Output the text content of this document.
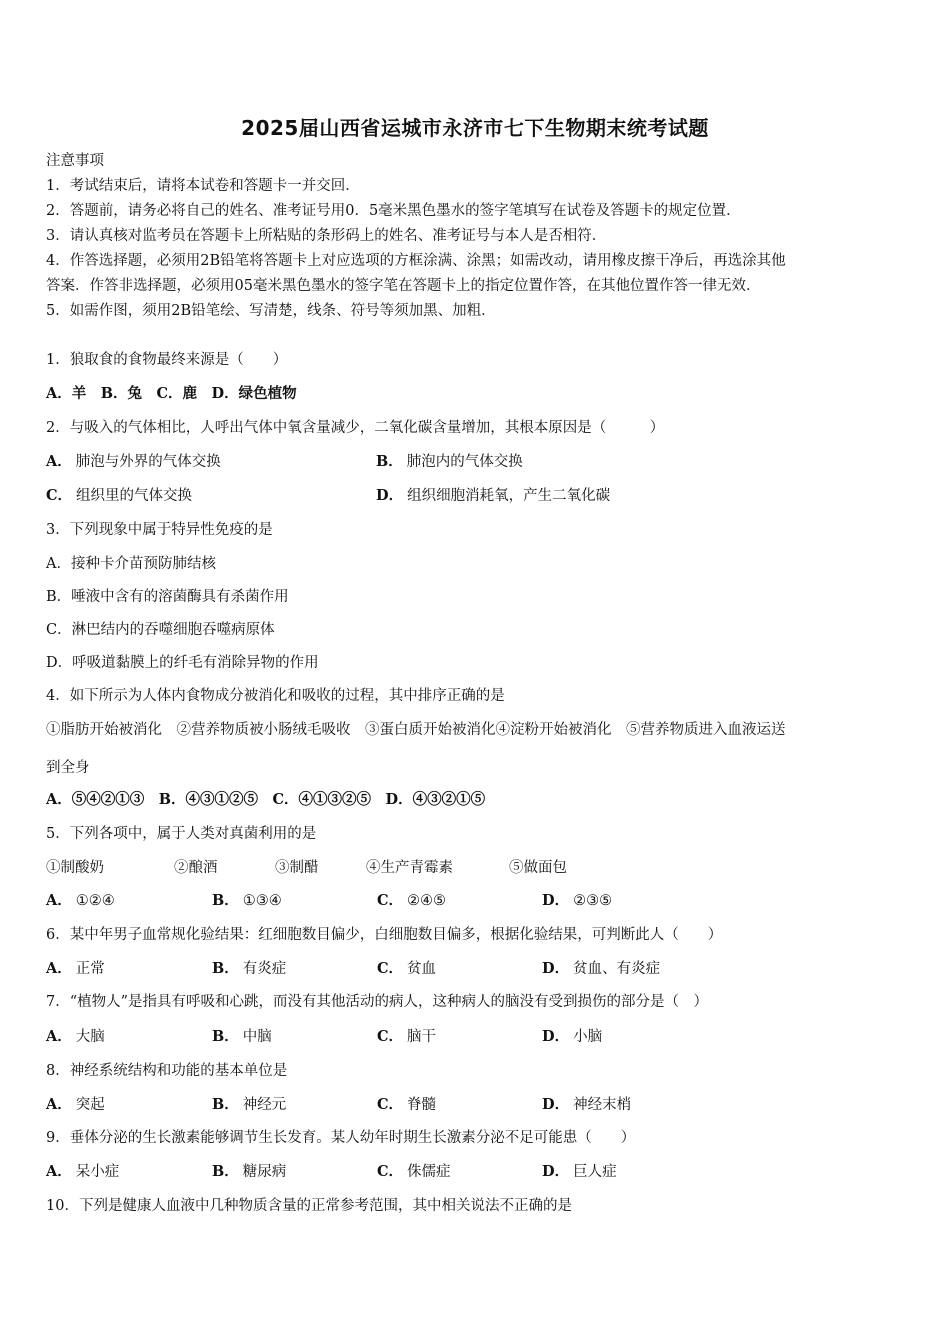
2025届山西省运城市永济市七下生物期末统考试题
注意事项
1．考试结束后，请将本试卷和答题卡一并交回．
2．答题前，请务必将自己的姓名、准考证号用0．5毫米黑色墨水的签字笔填写在试卷及答题卡的规定位置．
3．请认真核对监考员在答题卡上所粘贴的条形码上的姓名、准考证号与本人是否相符．
4．作答选择题，必须用2B铅笔将答题卡上对应选项的方框涂满、涂黑；如需改动，请用橡皮擦干净后，再选涂其他
答案．作答非选择题，必须用05毫米黑色墨水的签字笔在答题卡上的指定位置作答，在其他位置作答一律无效．
5．如需作图，须用2B铅笔绘、写清楚，线条、符号等须加黑、加粗．
1．狼取食的食物最终来源是（　　）
A．羊　B．兔　C．鹿　D．绿色植物
2．与吸入的气体相比，人呼出气体中氧含量减少，二氧化碳含量增加，其根本原因是（　　　）
A． 肺泡与外界的气体交换	B． 肺泡内的气体交换
C． 组织里的气体交换	D． 组织细胞消耗氧，产生二氧化碳
3．下列现象中属于特异性免疫的是
A．接种卡介苗预防肺结核
B．唾液中含有的溶菌酶具有杀菌作用
C．淋巴结内的吞噬细胞吞噬病原体
D．呼吸道黏膜上的纤毛有消除异物的作用
4．如下所示为人体内食物成分被消化和吸收的过程，其中排序正确的是
①脂肪开始被消化　②营养物质被小肠绒毛吸收　③蛋白质开始被消化④淀粉开始被消化　⑤营养物质进入血液运送
到全身
A．⑤④②①③　B．④③①②⑤　C．④①③②⑤　D．④③②①⑤
5．下列各项中，属于人类对真菌利用的是
①制酸奶	②酿酒	③制醋	④生产青霉素	⑤做面包
A． ①②④	B． ①③④	C． ②④⑤	D． ②③⑤
6．某中年男子血常规化验结果：红细胞数目偏少，白细胞数目偏多，根据化验结果，可判断此人（　　）
A． 正常	B． 有炎症	C． 贫血	D． 贫血、有炎症
7．“植物人”是指具有呼吸和心跳，而没有其他活动的病人，这种病人的脑没有受到损伤的部分是（　）
A． 大脑	B． 中脑	C． 脑干	D． 小脑
8．神经系统结构和功能的基本单位是
A． 突起	B． 神经元	C． 脊髓	D． 神经末梢
9．垂体分泌的生长激素能够调节生长发育。某人幼年时期生长激素分泌不足可能患（　　）
A． 呆小症	B． 糖尿病	C． 侏儒症	D． 巨人症
10．下列是健康人血液中几种物质含量的正常参考范围，其中相关说法不正确的是
